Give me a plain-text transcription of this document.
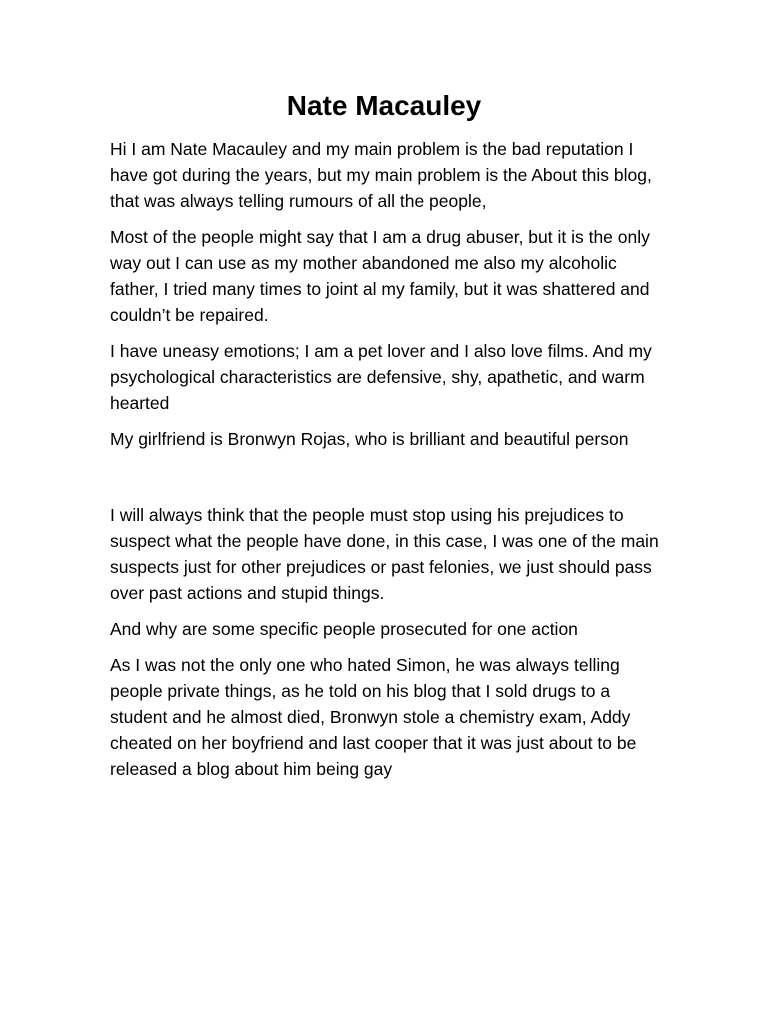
Nate Macauley

Hi I am Nate Macauley and my main problem is the bad reputation I have got during the years, but my main problem is the About this blog, that was always telling rumours of all the people,

Most of the people might say that I am a drug abuser, but it is the only way out I can use as my mother abandoned me also my alcoholic father, I tried many times to joint al my family, but it was shattered and couldn’t be repaired.

I have uneasy emotions; I am a pet lover and I also love films. And my psychological characteristics are defensive, shy, apathetic, and warm hearted

My girlfriend is Bronwyn Rojas, who is brilliant and beautiful person

I will always think that the people must stop using his prejudices to suspect what the people have done, in this case, I was one of the main suspects just for other prejudices or past felonies, we just should pass over past actions and stupid things.

And why are some specific people prosecuted for one action

As I was not the only one who hated Simon, he was always telling people private things, as he told on his blog that I sold drugs to a student and he almost died, Bronwyn stole a chemistry exam, Addy cheated on her boyfriend and last cooper that it was just about to be released a blog about him being gay
